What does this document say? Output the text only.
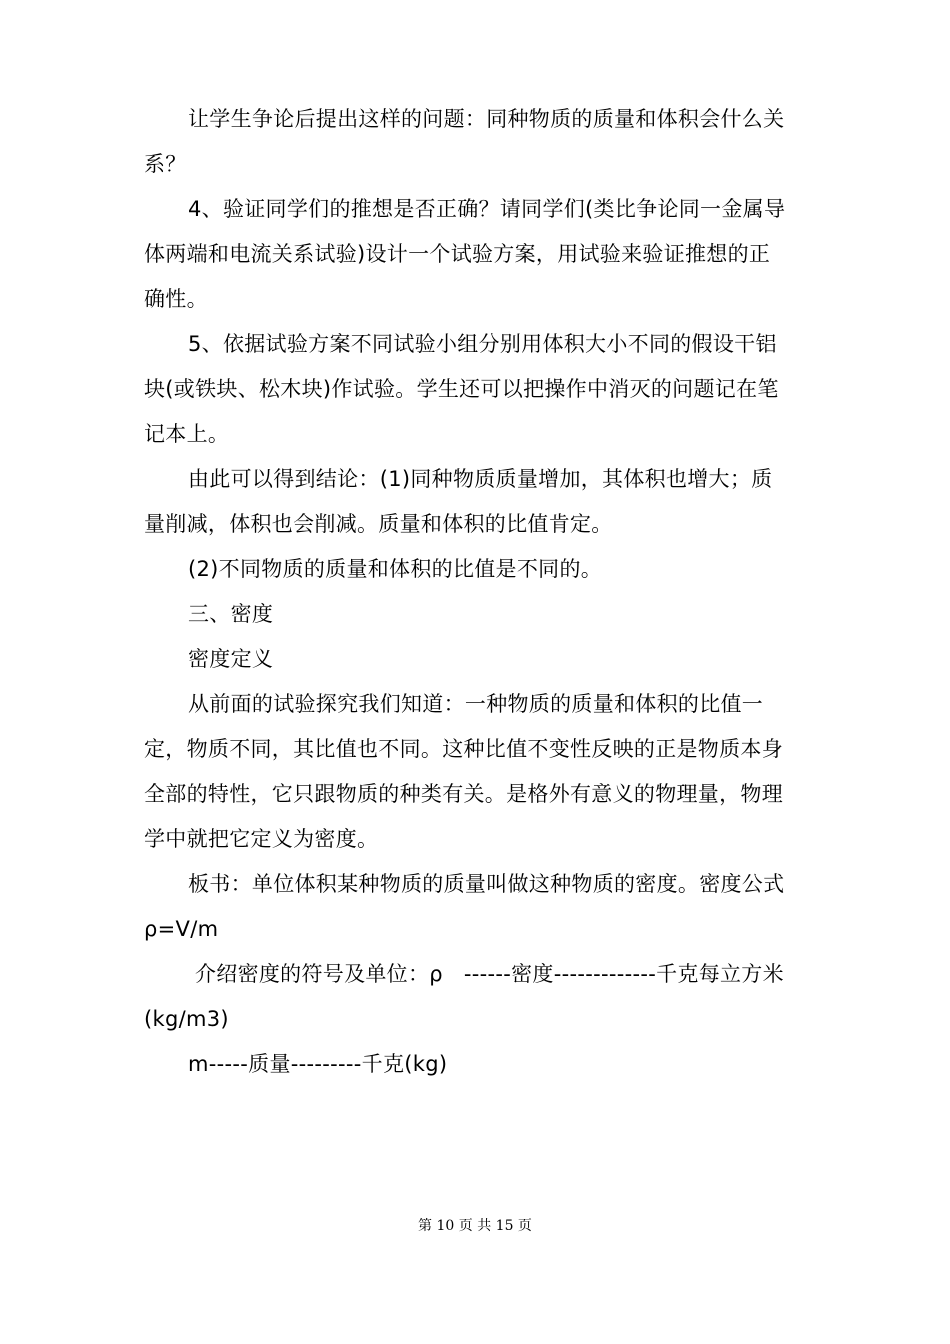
让学生争论后提出这样的问题：同种物质的质量和体积会什么关
系？
4、验证同学们的推想是否正确？请同学们(类比争论同一金属导
体两端和电流关系试验)设计一个试验方案，用试验来验证推想的正
确性。
5、依据试验方案不同试验小组分别用体积大小不同的假设干铝
块(或铁块、松木块)作试验。学生还可以把操作中消灭的问题记在笔
记本上。
由此可以得到结论：(1)同种物质质量增加，其体积也增大；质
量削减，体积也会削减。质量和体积的比值肯定。
(2)不同物质的质量和体积的比值是不同的。
三、密度
密度定义
从前面的试验探究我们知道：一种物质的质量和体积的比值一
定，物质不同，其比值也不同。这种比值不变性反映的正是物质本身
全部的特性，它只跟物质的种类有关。是格外有意义的物理量，物理
学中就把它定义为密度。
板书：单位体积某种物质的质量叫做这种物质的密度。密度公式
ρ=V/m
介绍密度的符号及单位：ρ   ------密度-------------千克每立方米
(kg/m3)
m-----质量---------千克(kg)
第 10 页 共 15 页
